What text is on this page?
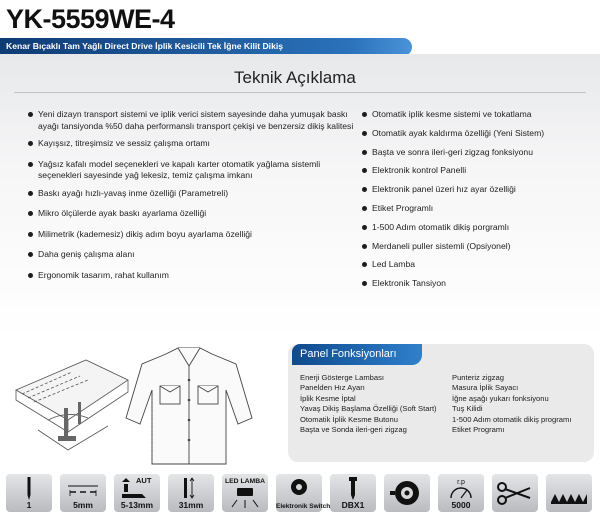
YK-5559WE-4
Kenar Bıçaklı Tam Yağlı Direct Drive İplik Kesicili Tek İğne Kilit Dikiş
Teknik Açıklama
Yeni dizayn transport sistemi ve iplik verici sistem sayesinde daha yumuşak baskı ayağı tansiyonda %50 daha performanslı transport çekişi ve benzersiz dikiş kalitesi
Kayışsız, titreşimsiz ve sessiz çalışma ortamı
Yağsız kafalı model seçenekleri ve kapalı karter otomatik yağlama sistemli seçenekleri sayesinde yağ lekesiz, temiz çalışma imkanı
Baskı ayağı hızlı-yavaş inme özelliği (Parametreli)
Mikro ölçülerde ayak baskı ayarlama özelliği
Milimetrik (kademesiz) dikiş adım boyu ayarlama özelliği
Daha geniş çalışma alanı
Ergonomik tasarım, rahat kullanım
Otomatik iplik kesme sistemi ve tokatlama
Otomatik ayak kaldırma özelliği (Yeni Sistem)
Başta ve sonra ileri-geri zigzag fonksiyonu
Elektronik kontrol Panelli
Elektronik panel üzeri hız ayar özelliği
Etiket Programlı
1-500 Adım otomatik dikiş porgramlı
Merdaneli puller sistemli (Opsiyonel)
Led Lamba
Elektronik Tansiyon
Panel Fonksiyonları
Enerji Gösterge Lambası
Panelden Hız Ayarı
İplik Kesme İptal
Yavaş Dikiş Başlama Özelliği (Soft Start)
Otomatik İplik Kesme Butonu
Başta ve Sonda ileri-geri zigzag
Punteriz zigzag
Masura İplik Sayacı
İğne aşağı yukarı fonksiyonu
Tuş Kilidi
1-500 Adım otomatik dikiş programı
Etiket Programı
1	5mm
AUT
5-13mm	31mm
LED LAMBA
Elektronik Switch	DBX1
r.p
5000
